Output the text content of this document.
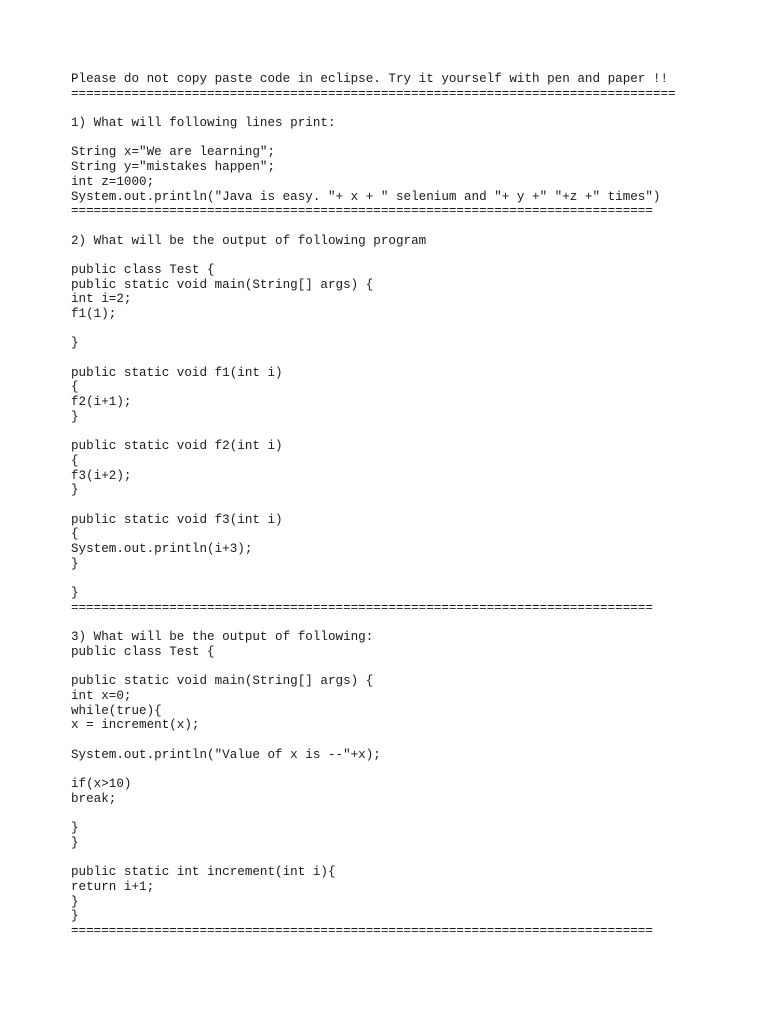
Please do not copy paste code in eclipse. Try it yourself with pen and paper !!
================================================================================
1) What will following lines print:
String x="We are learning";
String y="mistakes happen";
int z=1000;
System.out.println("Java is easy. "+ x + " selenium and "+ y +" "+z +" times")
=============================================================================
2) What will be the output of following program
public class Test {
public static void main(String[] args) {
int i=2;
f1(1);
}
public static void f1(int i)
{
f2(i+1);
}
public static void f2(int i)
{
f3(i+2);
}
public static void f3(int i)
{
System.out.println(i+3);
}
}
=============================================================================
3) What will be the output of following:
public class Test {
public static void main(String[] args) {
int x=0;
while(true){
x = increment(x);
System.out.println("Value of x is --"+x);
if(x>10)
break;
}
}
public static int increment(int i){
return i+1;
}
}
=============================================================================
